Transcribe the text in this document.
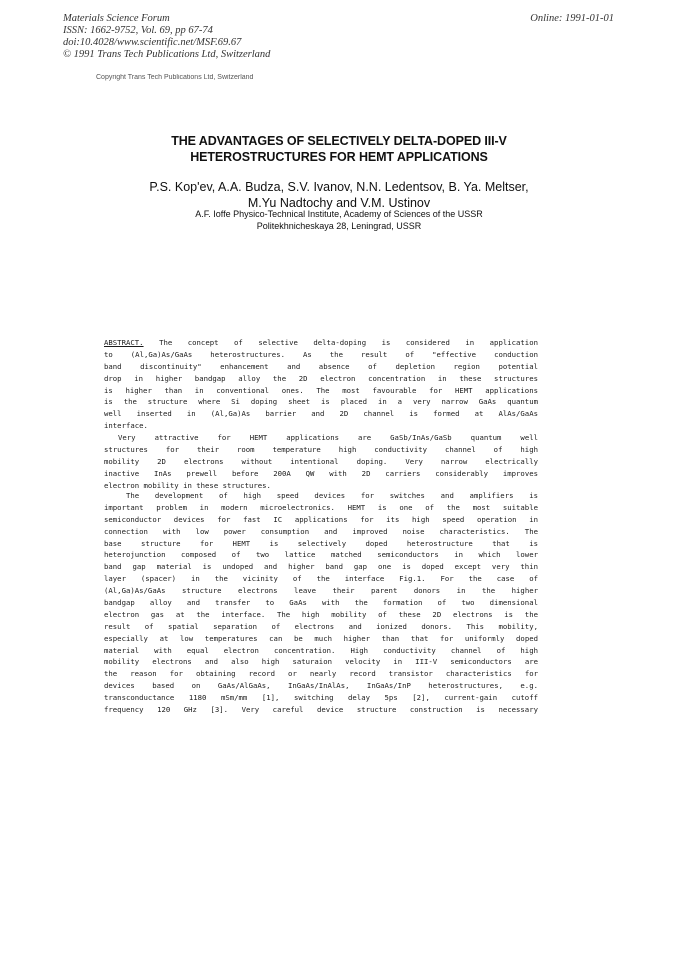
Materials Science Forum
ISSN: 1662-9752, Vol. 69, pp 67-74
doi:10.4028/www.scientific.net/MSF.69.67
© 1991 Trans Tech Publications Ltd, Switzerland
Online: 1991-01-01
Copyright Trans Tech Publications Ltd, Switzerland
THE ADVANTAGES OF SELECTIVELY DELTA-DOPED III-V
HETEROSTRUCTURES FOR HEMT APPLICATIONS
P.S. Kop'ev, A.A. Budza, S.V. Ivanov, N.N. Ledentsov, B. Ya. Meltser,
M.Yu Nadtochy and V.M. Ustinov
A.F. Ioffe Physico-Technical Institute, Academy of Sciences of the USSR
Politekhnicheskaya 28, Leningrad, USSR
ABSTRACT. The concept of selective delta-doping is considered in application
to (Al,Ga)As/GaAs heterostructures. As the result of "effective conduction
band discontinuity" enhancement and absence of depletion region potential
drop in higher bandgap alloy the 2D electron concentration in these structures
is higher than in conventional ones. The most favourable for HEMT applications
is the structure where Si doping sheet is placed in a very narrow GaAs quantum
well inserted in (Al,Ga)As barrier and 2D channel is formed at AlAs/GaAs
interface.
Very attractive for HEMT applications are GaSb/InAs/GaSb quantum well
structures for their room temperature high conductivity channel of high
mobility 2D electrons without intentional doping. Very narrow electrically
inactive InAs prewell before 200A QW with 2D carriers considerably improves
electron mobility in these structures.
The development of high speed devices for switches and amplifiers is
important problem in modern microelectronics. HEMT is one of the most suitable
semiconductor devices for fast IC applications for its high speed operation in
connection with low power consumption and improved noise characteristics. The
base structure for HEMT is selectively doped heterostructure that is
heterojunction composed of two lattice matched semiconductors in which lower
band gap material is undoped and higher band gap one is doped except very thin
layer (spacer) in the vicinity of the interface Fig.1. For the case of
(Al,Ga)As/GaAs structure electrons leave their parent donors in the higher
bandgap alloy and transfer to GaAs with the formation of two dimensional
electron gas at the interface. The high mobility of these 2D electrons is the
result of spatial separation of electrons and ionized donors. This mobility,
especially at low temperatures can be much higher than that for uniformly doped
material with equal electron concentration. High conductivity channel of high
mobility electrons and also high saturaion velocity in III-V semiconductors are
the reason for obtaining record or nearly record transistor characteristics for
devices based on GaAs/AlGaAs, InGaAs/InAlAs, InGaAs/InP heterostructures, e.g.
transconductance 1180 mSm/mm [1], switching delay 5ps [2], current-gain cutoff
frequency 120 GHz [3]. Very careful device structure construction is necessary
